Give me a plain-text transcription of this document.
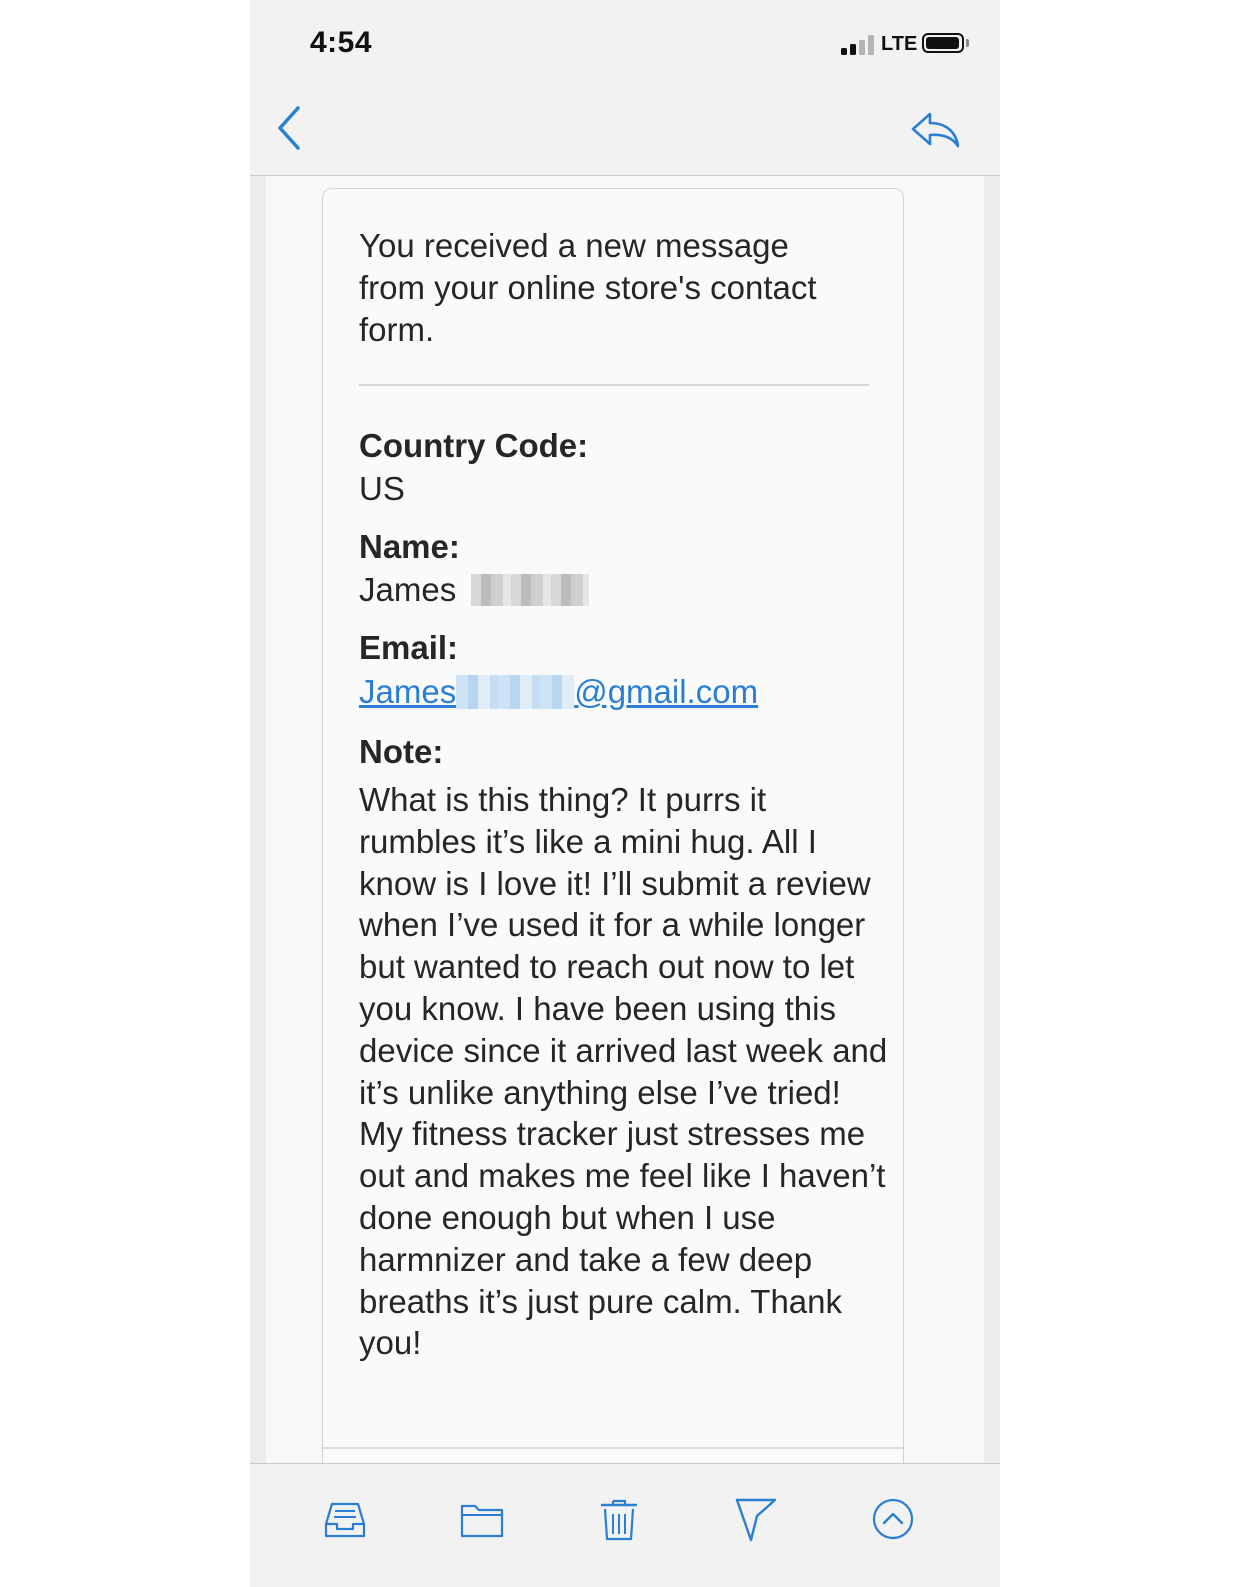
4:54	LTE
You received a new message from your online store's contact form.
Country Code:
US
Name:
James
Email:
James	@gmail.com
Note:
What is this thing? It purrs it rumbles it’s like a mini hug. All I know is I love it! I’ll submit a review when I’ve used it for a while longer but wanted to reach out now to let you know. I have been using this device since it arrived last week and it’s unlike anything else I’ve tried! My fitness tracker just stresses me out and makes me feel like I haven’t done enough but when I use harmnizer and take a few deep breaths it’s just pure calm. Thank you!
